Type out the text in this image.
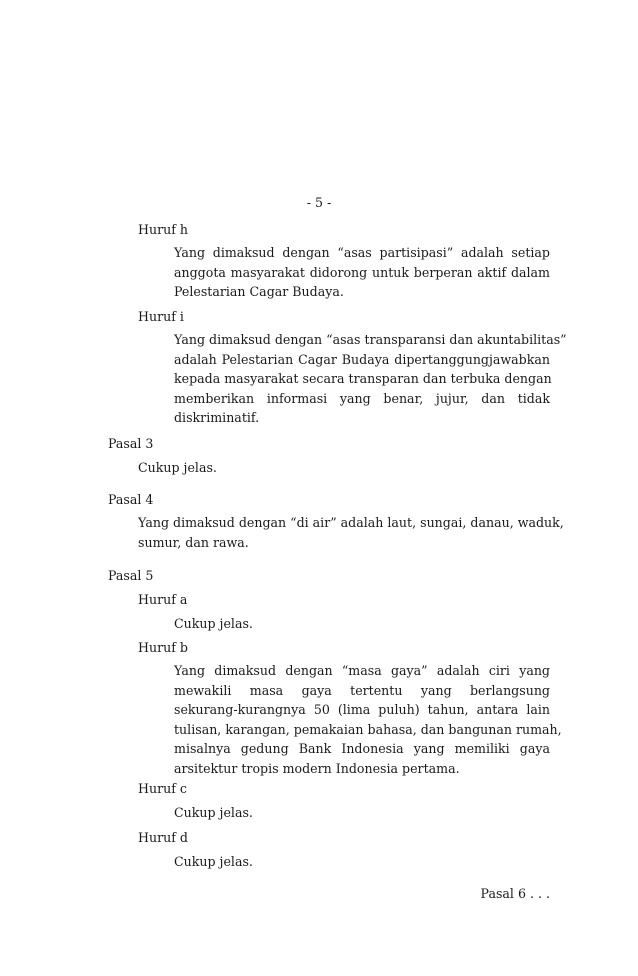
- 5 -
Huruf h
Yang dimaksud dengan “asas partisipasi” adalah setiap
anggota masyarakat didorong untuk berperan aktif dalam
Pelestarian Cagar Budaya.
Huruf i
Yang dimaksud dengan “asas transparansi dan akuntabilitas”
adalah Pelestarian Cagar Budaya dipertanggungjawabkan
kepada masyarakat secara transparan dan terbuka dengan
memberikan informasi yang benar, jujur, dan tidak
diskriminatif.
Pasal 3
Cukup jelas.
Pasal 4
Yang dimaksud dengan “di air” adalah laut, sungai, danau, waduk,
sumur, dan rawa.
Pasal 5
Huruf a
Cukup jelas.
Huruf b
Yang dimaksud dengan “masa gaya” adalah ciri yang
mewakili masa gaya tertentu yang berlangsung
sekurang-kurangnya 50 (lima puluh) tahun, antara lain
tulisan, karangan, pemakaian bahasa, dan bangunan rumah,
misalnya gedung Bank Indonesia yang memiliki gaya
arsitektur tropis modern Indonesia pertama.
Huruf c
Cukup jelas.
Huruf d
Cukup jelas.
Pasal 6 . . .
